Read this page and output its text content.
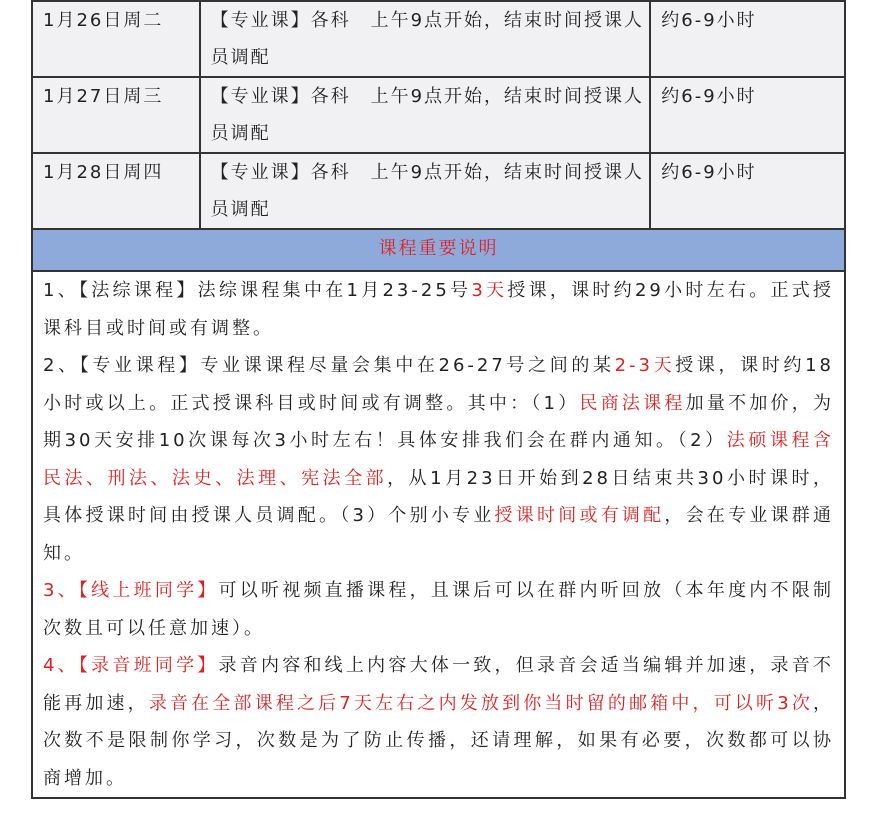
1月26日周二	【专业课】各科　上午9点开始，结束时间授课人员调配	约6-9小时
1月27日周三	【专业课】各科　上午9点开始，结束时间授课人员调配	约6-9小时
1月28日周四	【专业课】各科　上午9点开始，结束时间授课人员调配	约6-9小时
课程重要说明		

1、【法综课程】法综课程集中在1月23-25号3天授课，课时约29小时左右。正式授课科目或时间或有调整。

2、【专业课程】专业课课程尽量会集中在26-27号之间的某2-3天授课，课时约18小时或以上。正式授课科目或时间或有调整。其中：（1）民商法课程加量不加价，为期30天安排10次课每次3小时左右！具体安排我们会在群内通知。（2）法硕课程含民法、刑法、法史、法理、宪法全部，从1月23日开始到28日结束共30小时课时，具体授课时间由授课人员调配。（3）个别小专业授课时间或有调配，会在专业课群通知。

3、【线上班同学】可以听视频直播课程，且课后可以在群内听回放（本年度内不限制次数且可以任意加速）。

4、【录音班同学】录音内容和线上内容大体一致，但录音会适当编辑并加速，录音不能再加速，录音在全部课程之后7天左右之内发放到你当时留的邮箱中，可以听3次，次数不是限制你学习，次数是为了防止传播，还请理解，如果有必要，次数都可以协商增加。
